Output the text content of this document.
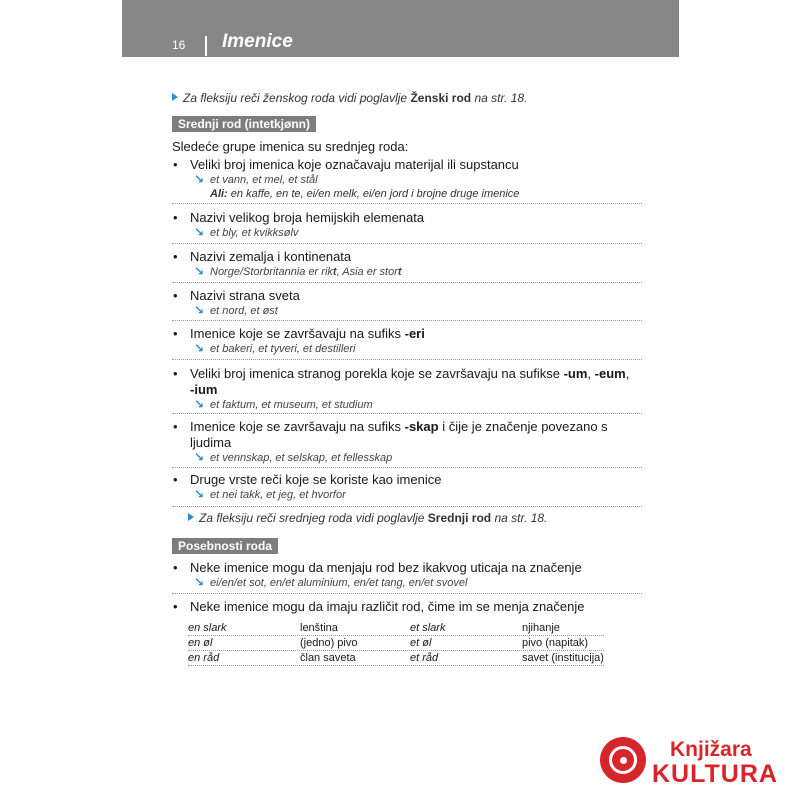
16 Imenice
Za fleksiju reči ženskog roda vidi poglavlje Ženski rod na str. 18.
Srednji rod (intetkjønn)
Sledeće grupe imenica su srednjeg roda:
• Veliki broj imenica koje označavaju materijal ili supstancu
↘ et vann, et mel, et stål
Ali: en kaffe, en te, ei/en melk, ei/en jord i brojne druge imenice
• Nazivi velikog broja hemijskih elemenata
↘ et bly, et kvikksølv
• Nazivi zemalja i kontinenata
↘ Norge/Storbritannia er rikt, Asia er stort
• Nazivi strana sveta
↘ et nord, et øst
• Imenice koje se završavaju na sufiks -eri
↘ et bakeri, et tyveri, et destilleri
• Veliki broj imenica stranog porekla koje se završavaju na sufikse -um, -eum,
-ium
↘ et faktum, et museum, et studium
• Imenice koje se završavaju na sufiks -skap i čije je značenje povezano s ljudima
↘ et vennskap, et selskap, et fellesskap
• Druge vrste reči koje se koriste kao imenice
↘ et nei takk, et jeg, et hvorfor
Za fleksiju reči srednjeg roda vidi poglavlje Srednji rod na str. 18.
Posebnosti roda
• Neke imenice mogu da menjaju rod bez ikakvog uticaja na značenje
↘ ei/en/et sot, en/et aluminium, en/et tang, en/et svovel
• Neke imenice mogu da imaju različit rod, čime im se menja značenje
en slark	lenština	et slark	njihanje
en øl	(jedno) pivo	et øl	pivo (napitak)
en råd	član saveta	et råd	savet (institucija)
Knjižara
KULTURA
